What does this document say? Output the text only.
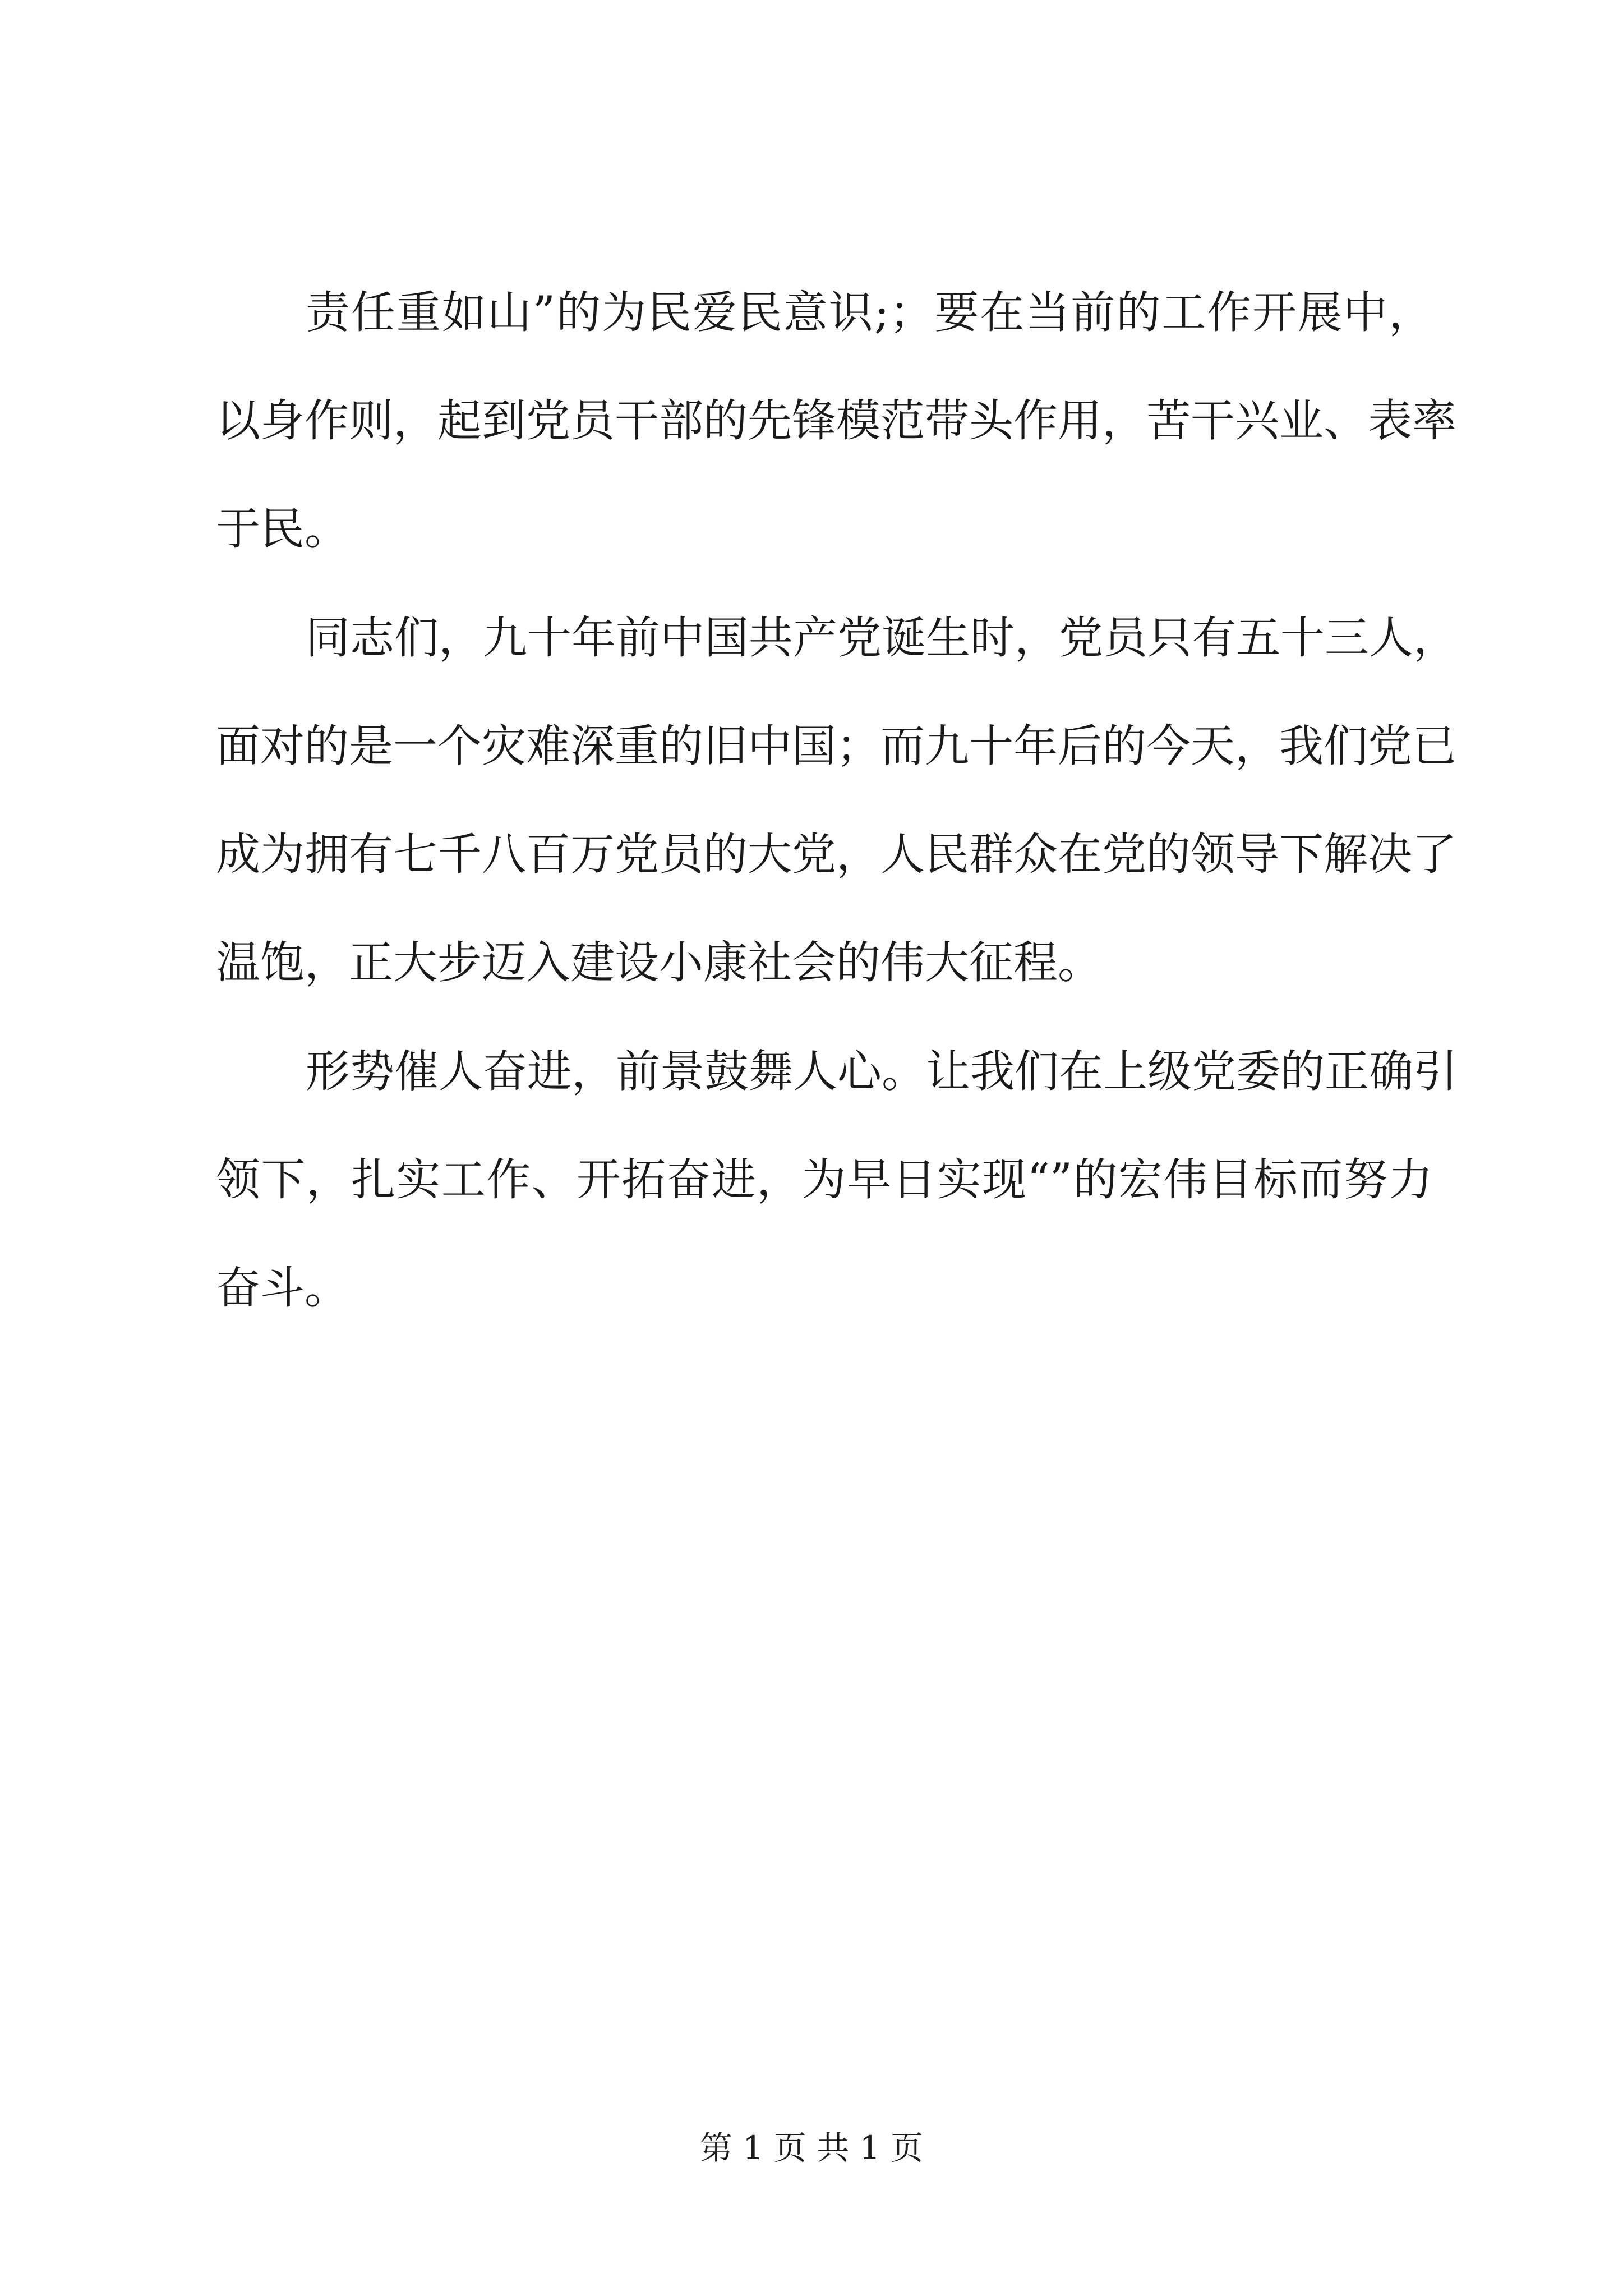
责任重如山”的为民爱民意识;；要在当前的工作开展中，
以身作则，起到党员干部的先锋模范带头作用，苦干兴业、表率
于民。
同志们，九十年前中国共产党诞生时，党员只有五十三人，
面对的是一个灾难深重的旧中国；而九十年后的今天，我们党已
成为拥有七千八百万党员的大党，人民群众在党的领导下解决了
温饱，正大步迈入建设小康社会的伟大征程。
形势催人奋进，前景鼓舞人心。让我们在上级党委的正确引
领下，扎实工作、开拓奋进，为早日实现“”的宏伟目标而努力
奋斗。
第 1 页 共 1 页
